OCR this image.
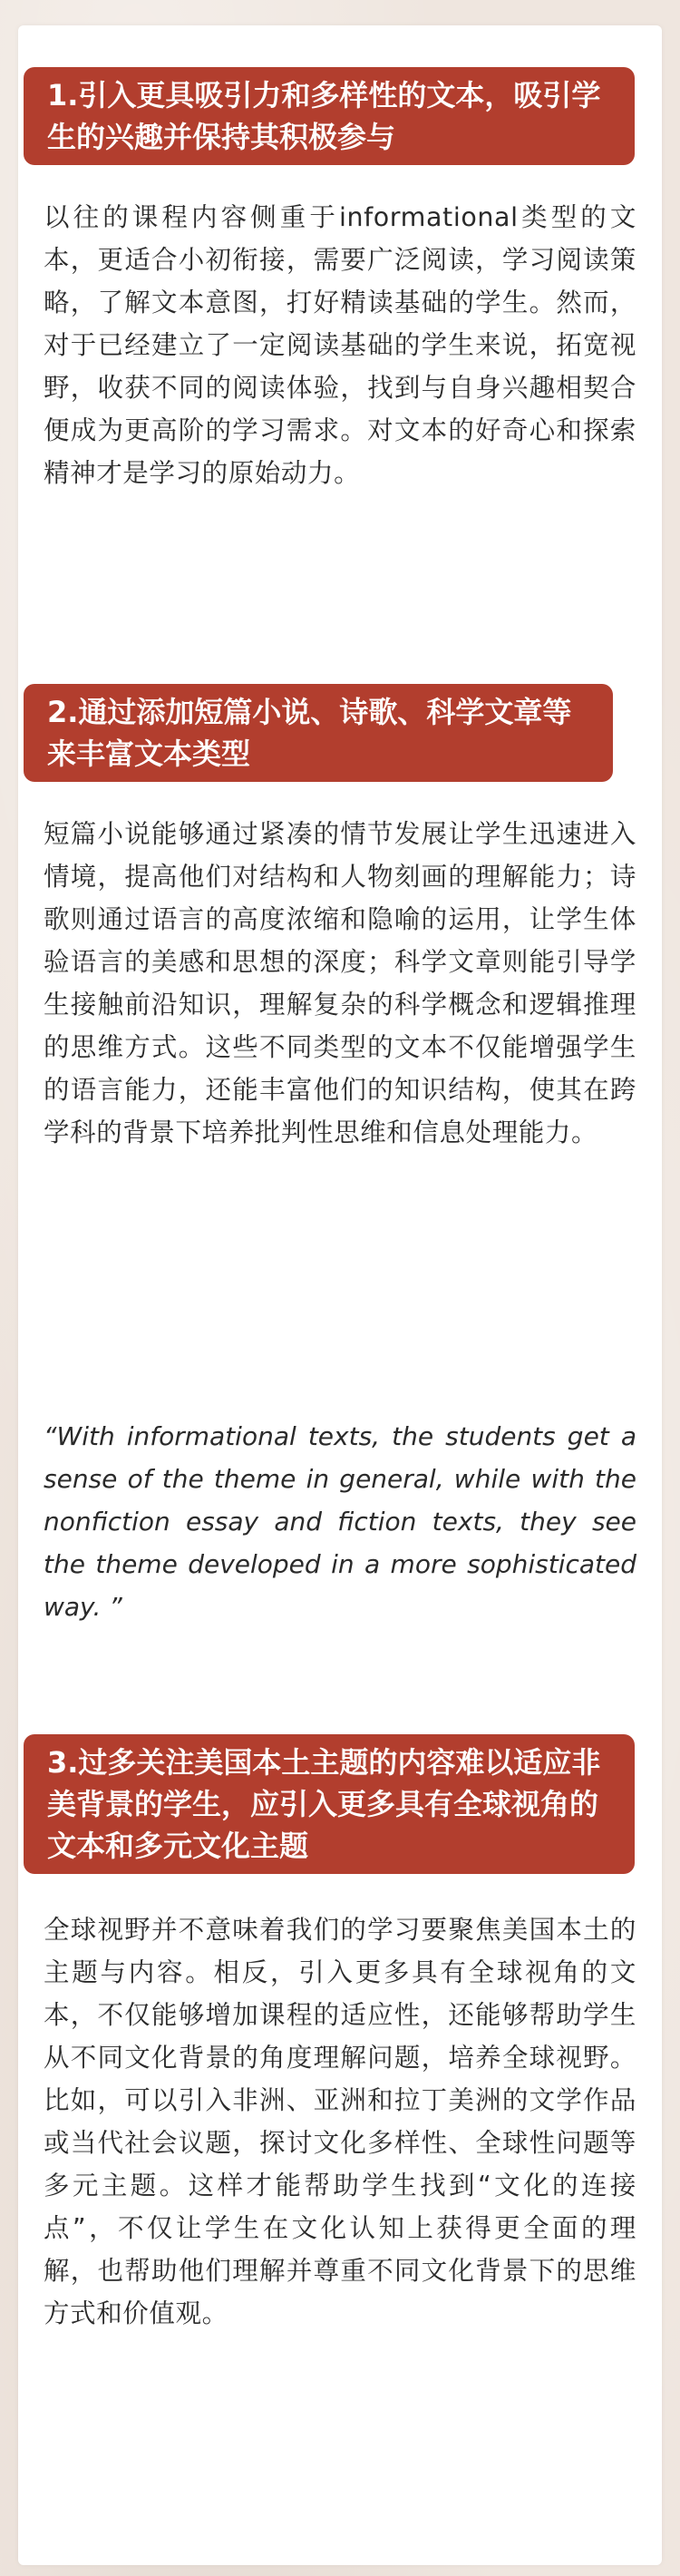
1.引入更具吸引力和多样性的文本，吸引学生的兴趣并保持其积极参与
以往的课程内容侧重于informational类型的文本，更适合小初衔接，需要广泛阅读，学习阅读策略，了解文本意图，打好精读基础的学生。然而，对于已经建立了一定阅读基础的学生来说，拓宽视野，收获不同的阅读体验，找到与自身兴趣相契合便成为更高阶的学习需求。对文本的好奇心和探索精神才是学习的原始动力。
2.通过添加短篇小说、诗歌、科学文章等来丰富文本类型
短篇小说能够通过紧凑的情节发展让学生迅速进入情境，提高他们对结构和人物刻画的理解能力；诗歌则通过语言的高度浓缩和隐喻的运用，让学生体验语言的美感和思想的深度；科学文章则能引导学生接触前沿知识，理解复杂的科学概念和逻辑推理的思维方式。这些不同类型的文本不仅能增强学生的语言能力，还能丰富他们的知识结构，使其在跨学科的背景下培养批判性思维和信息处理能力。
“With informational texts, the students get a sense of the theme in general, while with the nonfiction essay and fiction texts, they see the theme developed in a more sophisticated way. ”
3.过多关注美国本土主题的内容难以适应非美背景的学生，应引入更多具有全球视角的文本和多元文化主题
全球视野并不意味着我们的学习要聚焦美国本土的主题与内容。相反，引入更多具有全球视角的文本，不仅能够增加课程的适应性，还能够帮助学生从不同文化背景的角度理解问题，培养全球视野。比如，可以引入非洲、亚洲和拉丁美洲的文学作品或当代社会议题，探讨文化多样性、全球性问题等多元主题。这样才能帮助学生找到“文化的连接点”，不仅让学生在文化认知上获得更全面的理解，也帮助他们理解并尊重不同文化背景下的思维方式和价值观。
